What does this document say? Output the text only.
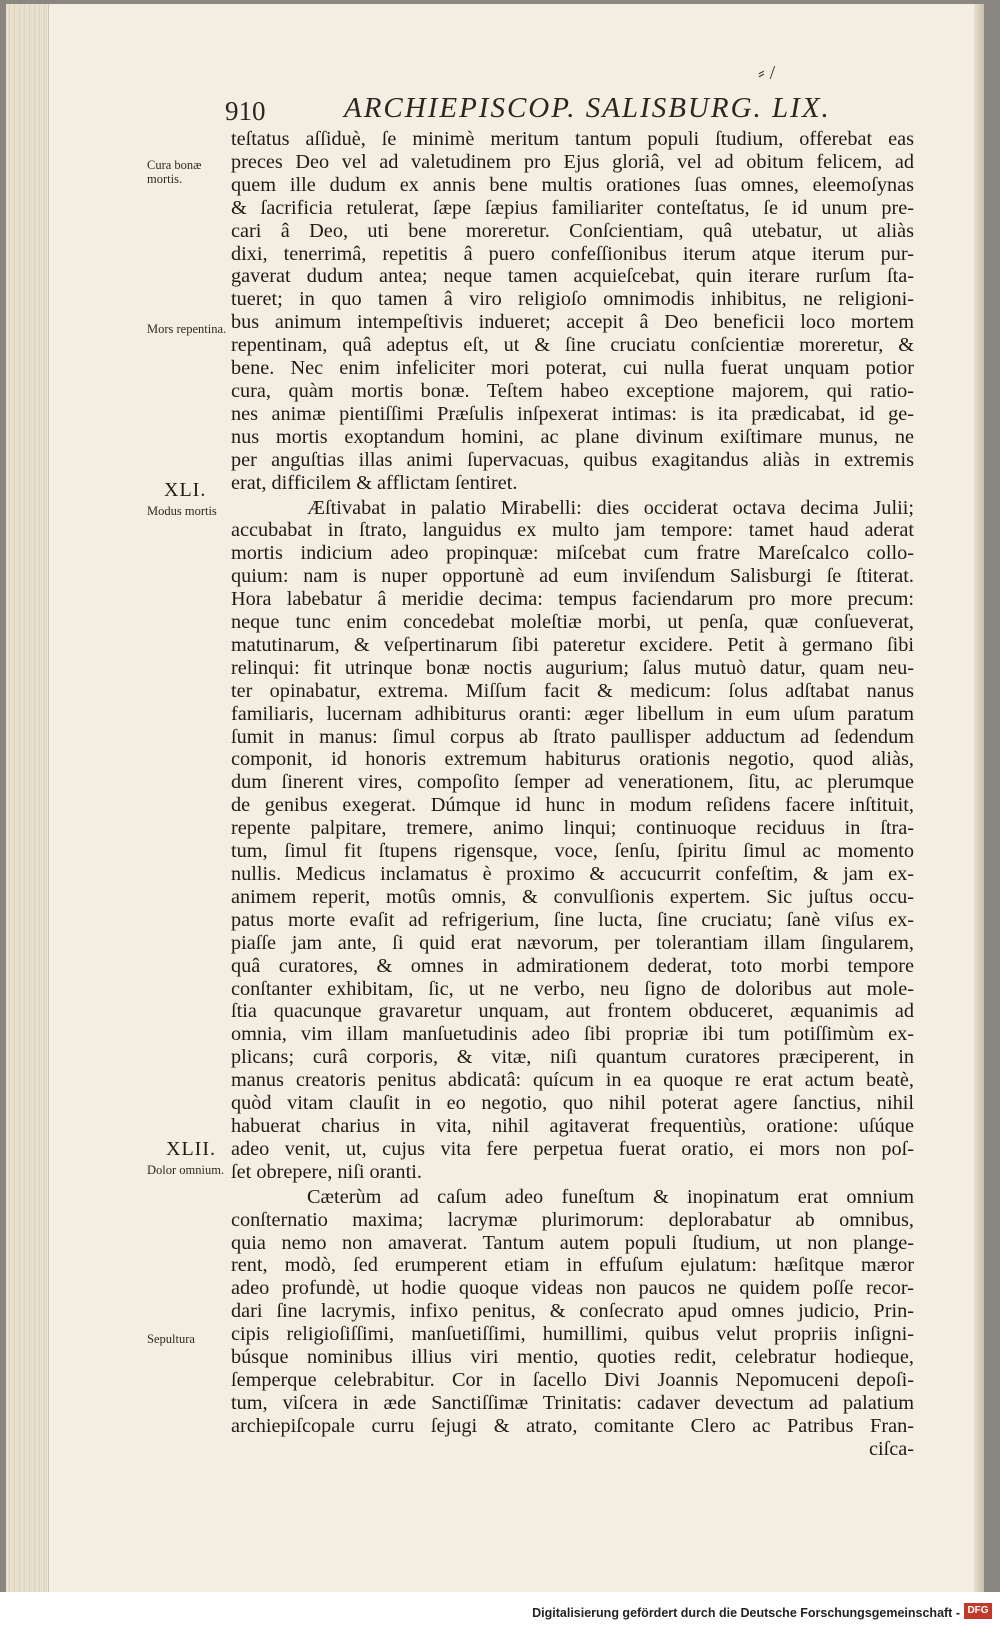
⸗ /
910	ARCHIEPISCOP. SALISBURG. LIX.
Cura bonæ mortis.
Mors repentina.
XLI.
Modus mortis
XLII.
Dolor omnium.
Sepultura
teſtatus aſſiduè, ſe minimè meritum tantum populi ſtudium, offerebat eas
preces Deo vel ad valetudinem pro Ejus gloriâ, vel ad obitum felicem, ad
quem ille dudum ex annis bene multis orationes ſuas omnes, eleemoſynas
& ſacrificia retulerat, ſæpe ſæpius familiariter conteſtatus, ſe id unum pre-
cari â Deo, uti bene moreretur. Conſcientiam, quâ utebatur, ut aliàs
dixi, tenerrimâ, repetitis â puero confeſſionibus iterum atque iterum pur-
gaverat dudum antea; neque tamen acquieſcebat, quin iterare rurſum ſta-
tueret; in quo tamen â viro religioſo omnimodis inhibitus, ne religioni-
bus animum intempeſtivis indueret; accepit â Deo beneficii loco mortem
repentinam, quâ adeptus eſt, ut & ſine cruciatu conſcientiæ moreretur, &
bene. Nec enim infeliciter mori poterat, cui nulla fuerat unquam potior
cura, quàm mortis bonæ. Teſtem habeo exceptione majorem, qui ratio-
nes animæ pientiſſimi Præſulis inſpexerat intimas: is ita prædicabat, id ge-
nus mortis exoptandum homini, ac plane divinum exiſtimare munus, ne
per anguſtias illas animi ſupervacuas, quibus exagitandus aliàs in extremis
erat, difficilem & afflictam ſentiret.
Æſtivabat in palatio Mirabelli: dies occiderat octava decima Julii;
accubabat in ſtrato, languidus ex multo jam tempore: tamet haud aderat
mortis indicium adeo propinquæ: miſcebat cum fratre Mareſcalco collo-
quium: nam is nuper opportunè ad eum inviſendum Salisburgi ſe ſtiterat.
Hora labebatur â meridie decima: tempus faciendarum pro more precum:
neque tunc enim concedebat moleſtiæ morbi, ut penſa, quæ conſueverat,
matutinarum, & veſpertinarum ſibi pateretur excidere. Petit à germano ſibi
relinqui: fit utrinque bonæ noctis augurium; ſalus mutuò datur, quam neu-
ter opinabatur, extrema. Miſſum facit & medicum: ſolus adſtabat nanus
familiaris, lucernam adhibiturus oranti: æger libellum in eum uſum paratum
ſumit in manus: ſimul corpus ab ſtrato paullisper adductum ad ſedendum
componit, id honoris extremum habiturus orationis negotio, quod aliàs,
dum ſinerent vires, compoſito ſemper ad venerationem, ſitu, ac plerumque
de genibus exegerat. Dúmque id hunc in modum reſidens facere inſtituit,
repente palpitare, tremere, animo linqui; continuoque reciduus in ſtra-
tum, ſimul fit ſtupens rigensque, voce, ſenſu, ſpiritu ſimul ac momento
nullis. Medicus inclamatus è proximo & accucurrit confeſtim, & jam ex-
animem reperit, motûs omnis, & convulſionis expertem. Sic juſtus occu-
patus morte evaſit ad refrigerium, ſine lucta, ſine cruciatu; ſanè viſus ex-
piaſſe jam ante, ſi quid erat nævorum, per tolerantiam illam ſingularem,
quâ curatores, & omnes in admirationem dederat, toto morbi tempore
conſtanter exhibitam, ſic, ut ne verbo, neu ſigno de doloribus aut mole-
ſtia quacunque gravaretur unquam, aut frontem obduceret, æquanimis ad
omnia, vim illam manſuetudinis adeo ſibi propriæ ibi tum potiſſimùm ex-
plicans; curâ corporis, & vitæ, niſi quantum curatores præciperent, in
manus creatoris penitus abdicatâ: quícum in ea quoque re erat actum beatè,
quòd vitam clauſit in eo negotio, quo nihil poterat agere ſanctius, nihil
habuerat charius in vita, nihil agitaverat frequentiùs, oratione: uſúque
adeo venit, ut, cujus vita fere perpetua fuerat oratio, ei mors non poſ-
ſet obrepere, niſi oranti.
Cæterùm ad caſum adeo funeſtum & inopinatum erat omnium
conſternatio maxima; lacrymæ plurimorum: deplorabatur ab omnibus,
quia nemo non amaverat. Tantum autem populi ſtudium, ut non plange-
rent, modò, ſed erumperent etiam in effuſum ejulatum: hæſitque mæror
adeo profundè, ut hodie quoque videas non paucos ne quidem poſſe recor-
dari ſine lacrymis, infixo penitus, & conſecrato apud omnes judicio, Prin-
cipis religioſiſſimi, manſuetiſſimi, humillimi, quibus velut propriis inſigni-
búsque nominibus illius viri mentio, quoties redit, celebratur hodieque,
ſemperque celebrabitur. Cor in ſacello Divi Joannis Nepomuceni depoſi-
tum, viſcera in æde Sanctiſſimæ Trinitatis: cadaver devectum ad palatium
archiepiſcopale curru ſejugi & atrato, comitante Clero ac Patribus Fran-
ciſca-
Digitalisierung gefördert durch die Deutsche Forschungsgemeinschaft - DFG
